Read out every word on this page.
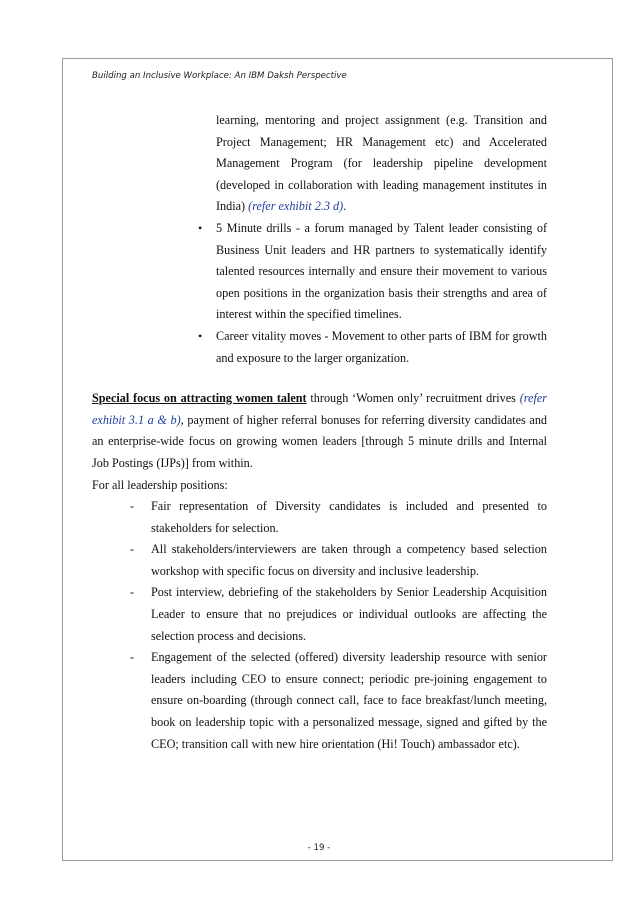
Building an Inclusive Workplace: An IBM Daksh Perspective
learning, mentoring and project assignment (e.g. Transition and Project Management; HR Management etc) and Accelerated Management Program (for leadership pipeline development (developed in collaboration with leading management institutes in India) (refer exhibit 2.3 d).
• 5 Minute drills - a forum managed by Talent leader consisting of Business Unit leaders and HR partners to systematically identify talented resources internally and ensure their movement to various open positions in the organization basis their strengths and area of interest within the specified timelines.
• Career vitality moves - Movement to other parts of IBM for growth and exposure to the larger organization.
Special focus on attracting women talent through ‘Women only’ recruitment drives (refer exhibit 3.1 a & b), payment of higher referral bonuses for referring diversity candidates and an enterprise-wide focus on growing women leaders [through 5 minute drills and Internal Job Postings (IJPs)] from within.
For all leadership positions:
- Fair representation of Diversity candidates is included and presented to stakeholders for selection.
- All stakeholders/interviewers are taken through a competency based selection workshop with specific focus on diversity and inclusive leadership.
- Post interview, debriefing of the stakeholders by Senior Leadership Acquisition Leader to ensure that no prejudices or individual outlooks are affecting the selection process and decisions.
- Engagement of the selected (offered) diversity leadership resource with senior leaders including CEO to ensure connect; periodic pre-joining engagement to ensure on-boarding (through connect call, face to face breakfast/lunch meeting, book on leadership topic with a personalized message, signed and gifted by the CEO; transition call with new hire orientation (Hi! Touch) ambassador etc).
- 19 -
